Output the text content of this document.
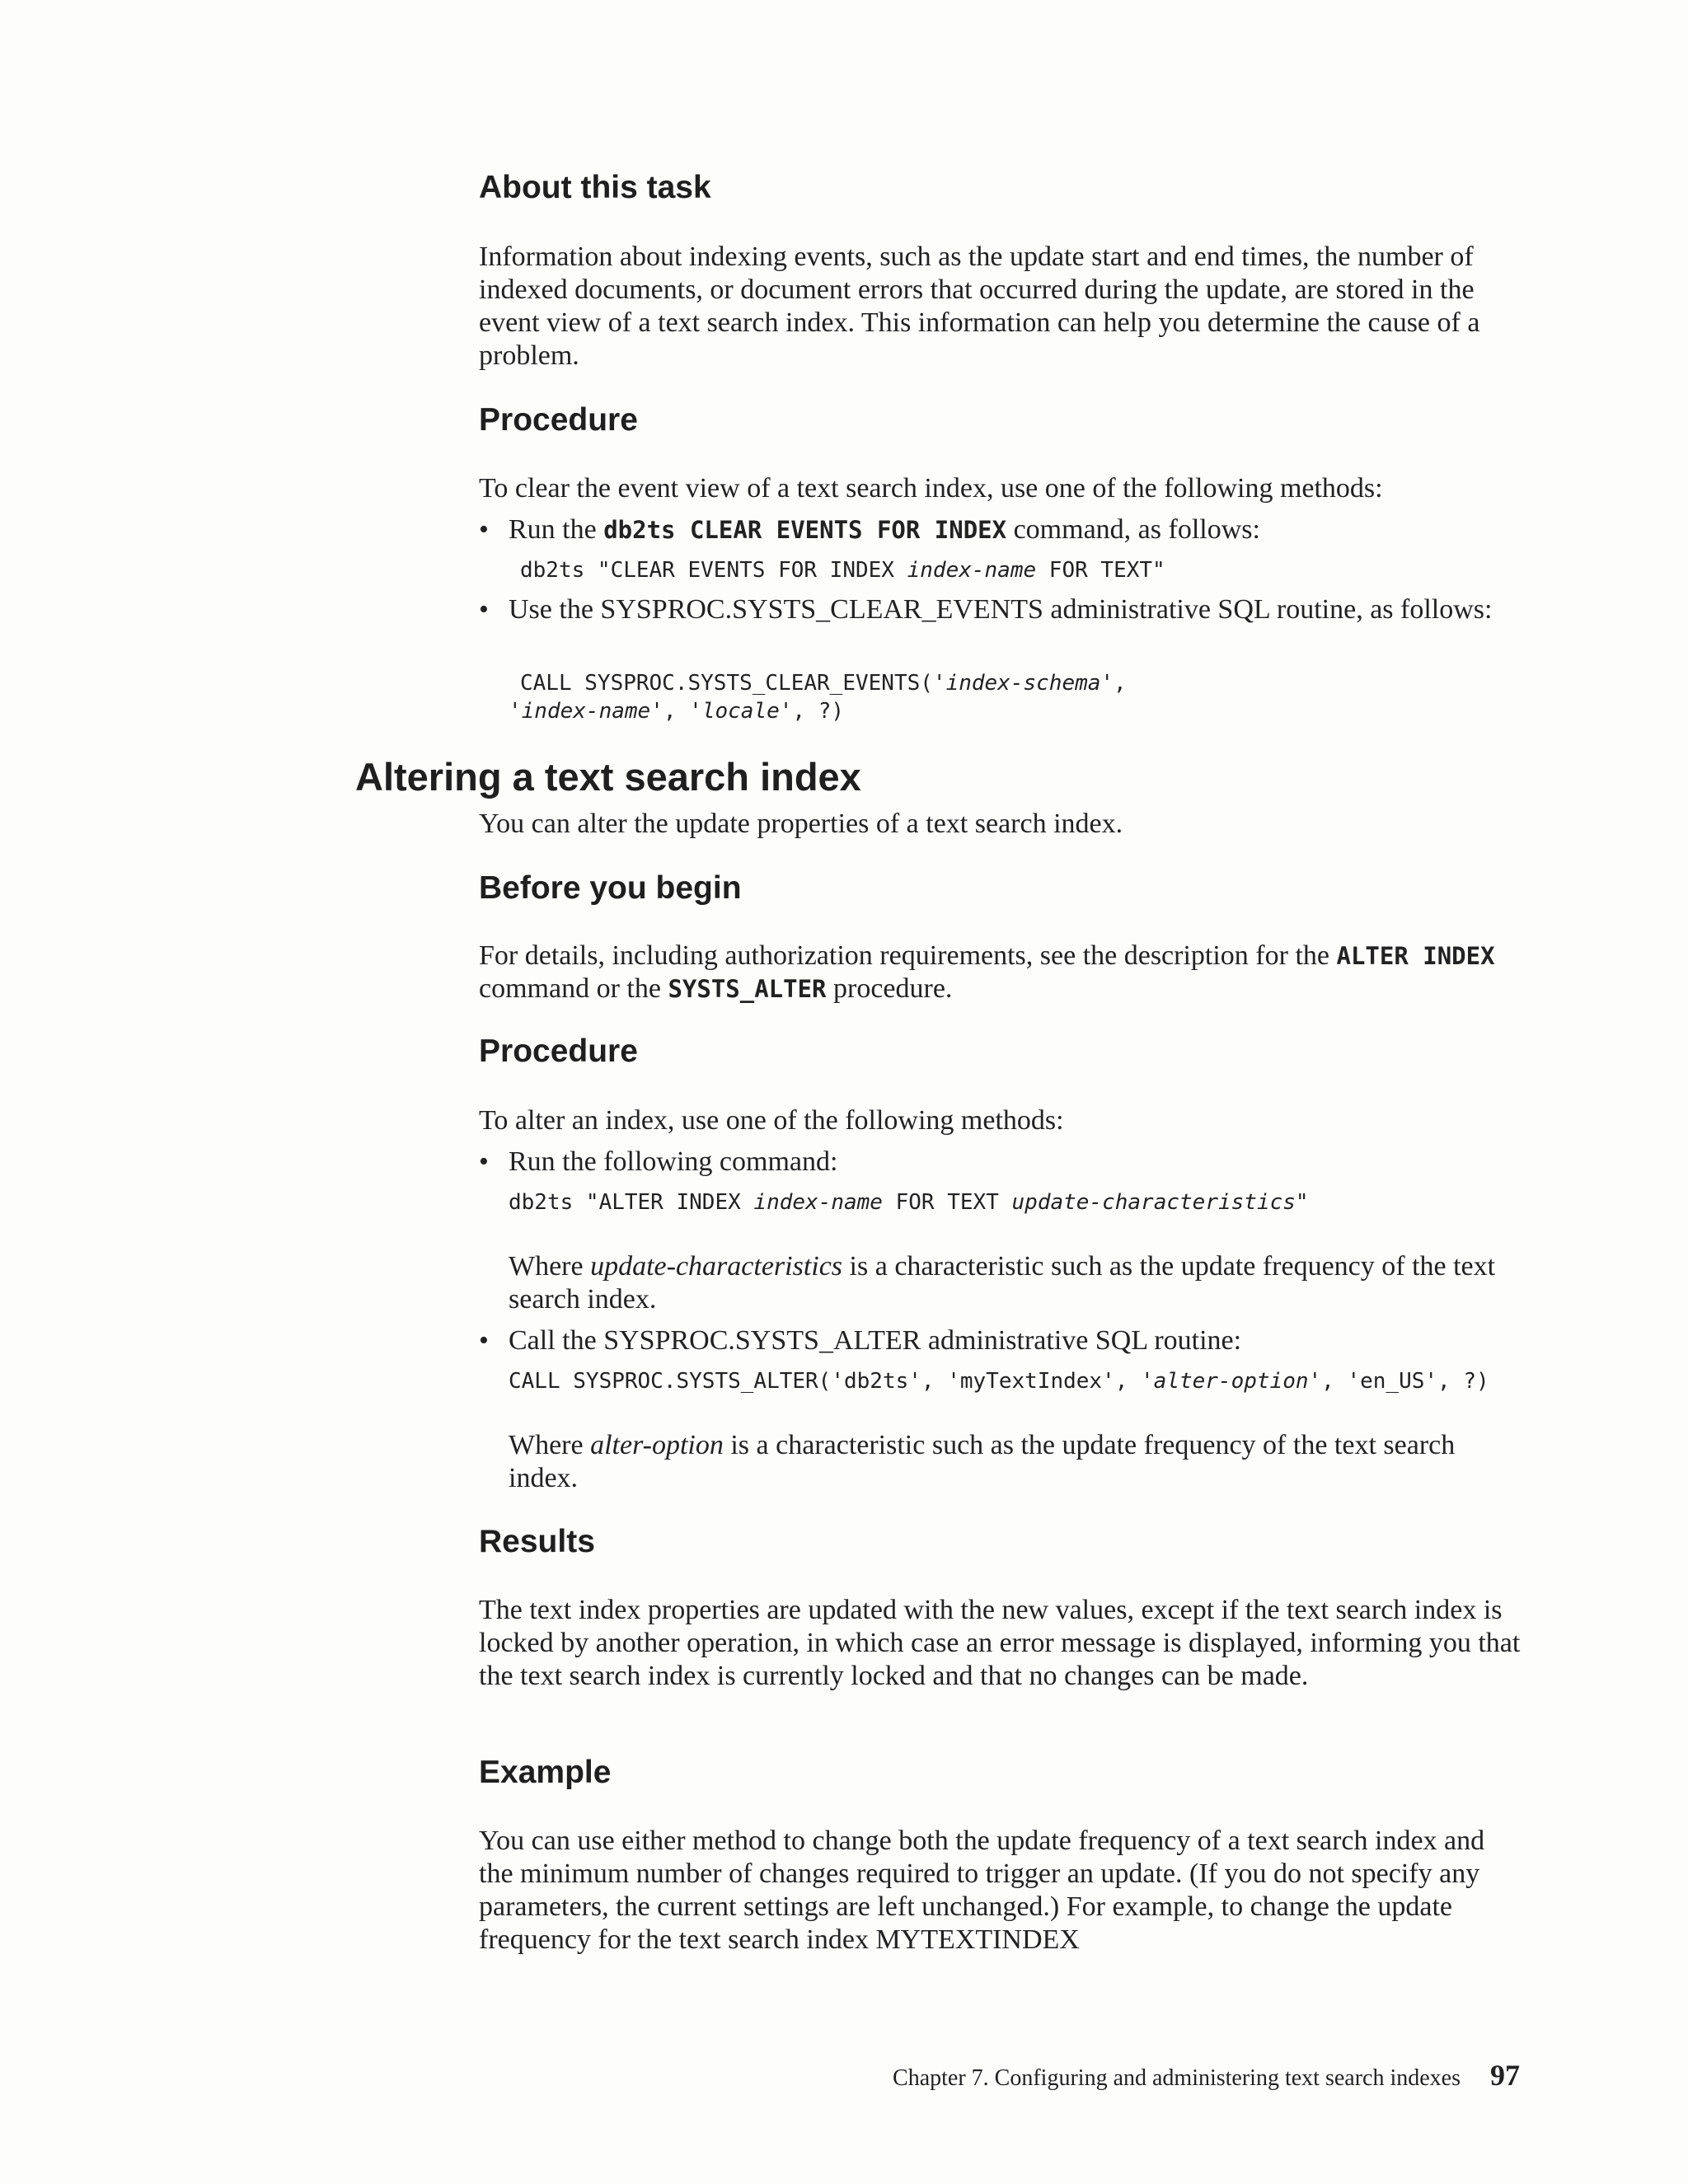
About this task

Information about indexing events, such as the update start and end times, the number of indexed documents, or document errors that occurred during the update, are stored in the event view of a text search index. This information can help you determine the cause of a problem.

Procedure

To clear the event view of a text search index, use one of the following methods:

• Run the db2ts CLEAR EVENTS FOR INDEX command, as follows:
db2ts "CLEAR EVENTS FOR INDEX index-name FOR TEXT"
• Use the SYSPROC.SYSTS_CLEAR_EVENTS administrative SQL routine, as follows:
CALL SYSPROC.SYSTS_CLEAR_EVENTS('index-schema',
'index-name', 'locale', ?)
Altering a text search index

You can alter the update properties of a text search index.

Before you begin

For details, including authorization requirements, see the description for the ALTER INDEX command or the SYSTS_ALTER procedure.

Procedure

To alter an index, use one of the following methods:

• Run the following command:
db2ts "ALTER INDEX index-name FOR TEXT update-characteristics"

Where update-characteristics is a characteristic such as the update frequency of the text search index.

• Call the SYSPROC.SYSTS_ALTER administrative SQL routine:
CALL SYSPROC.SYSTS_ALTER('db2ts', 'myTextIndex', 'alter-option', 'en_US', ?)

Where alter-option is a characteristic such as the update frequency of the text search index.

Results

The text index properties are updated with the new values, except if the text search index is locked by another operation, in which case an error message is displayed, informing you that the text search index is currently locked and that no changes can be made.

Example

You can use either method to change both the update frequency of a text search index and the minimum number of changes required to trigger an update. (If you do not specify any parameters, the current settings are left unchanged.) For example, to change the update frequency for the text search index MYTEXTINDEX

Chapter 7. Configuring and administering text search indexes 97
